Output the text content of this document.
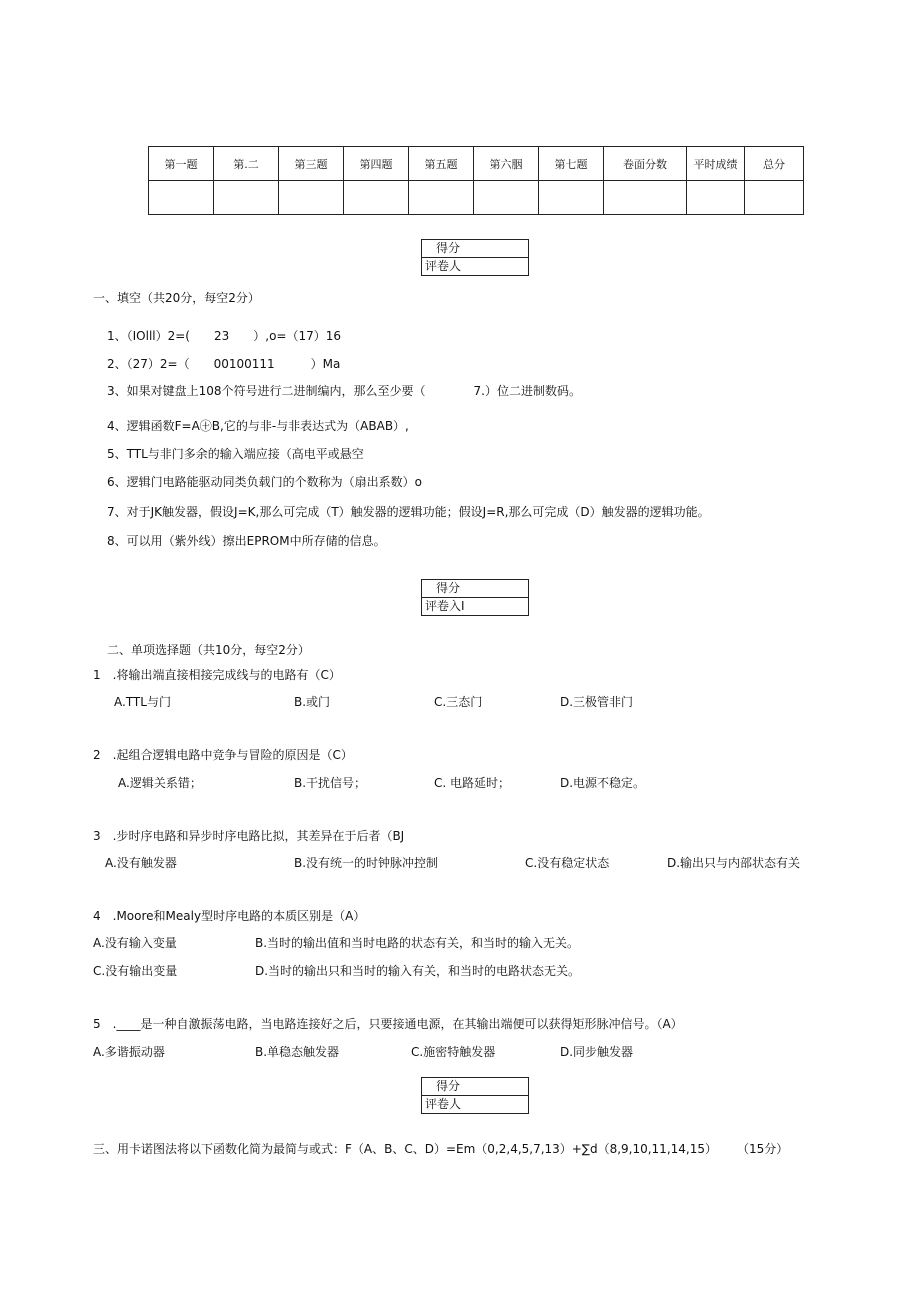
第一题	第.二	第三题	第四题	第五题	第六胭	第七题	卷面分数	平时成绩	总分

得分
评卷人
一、填空（共20分，每空2分）
1、（IOlll）2=(　　23　　）,o=（17）16
2、（27）2=（　　00100111　　　）Ma
3、如果对键盘上108个符号进行二进制编内，那么至少要（　　　　7.）位二进制数码。
4、逻辑函数F=A㊉B,它的与非-与非表达式为（ABAB）,
5、TTL与非门多余的输入端应接（高电平或悬空
6、逻辑门电路能驱动同类负载门的个数称为（扇出系数）o
7、对于JK触发器，假设J=K,那么可完成（T）触发器的逻辑功能；假设J=R,那么可完成（D）触发器的逻辑功能。
8、可以用（紫外线）擦出EPROM中所存储的信息。
得分
评卷入I
二、单项选择题（共10分，每空2分）
1　.将输出端直接相接完成线与的电路有（C）
A.TTL与门	B.或门	C.三态门	D.三极管非门
2　.起组合逻辑电路中竞争与冒险的原因是（C）
A.逻辑关系错；	B.干扰信号；	C. 电路延时；	D.电源不稳定。
3　.步时序电路和异步时序电路比拟，其差异在于后者（BJ
A.没有触发器	B.没有统一的时钟脉冲控制	C.没有稳定状态	D.输出只与内部状态有关
4　.Moore和Mealy型时序电路的本质区别是（A）
A.没有输入变量	B.当时的输出值和当时电路的状态有关，和当时的输入无关。
C.没有输出变量	D.当时的输出只和当时的输入有关，和当时的电路状态无关。
5　.____是一种自激振荡电路，当电路连接好之后，只要接通电源，在其输出端便可以获得矩形脉冲信号。（A）
A.多谐振动器	B.单稳态触发器	C.施密特触发器	D.同步触发器
得分
评卷人
三、用卡诺图法将以下函数化简为最简与或式：F（A、B、C、D）=Em（0,2,4,5,7,13）+∑d（8,9,10,11,14,15） （15分）
